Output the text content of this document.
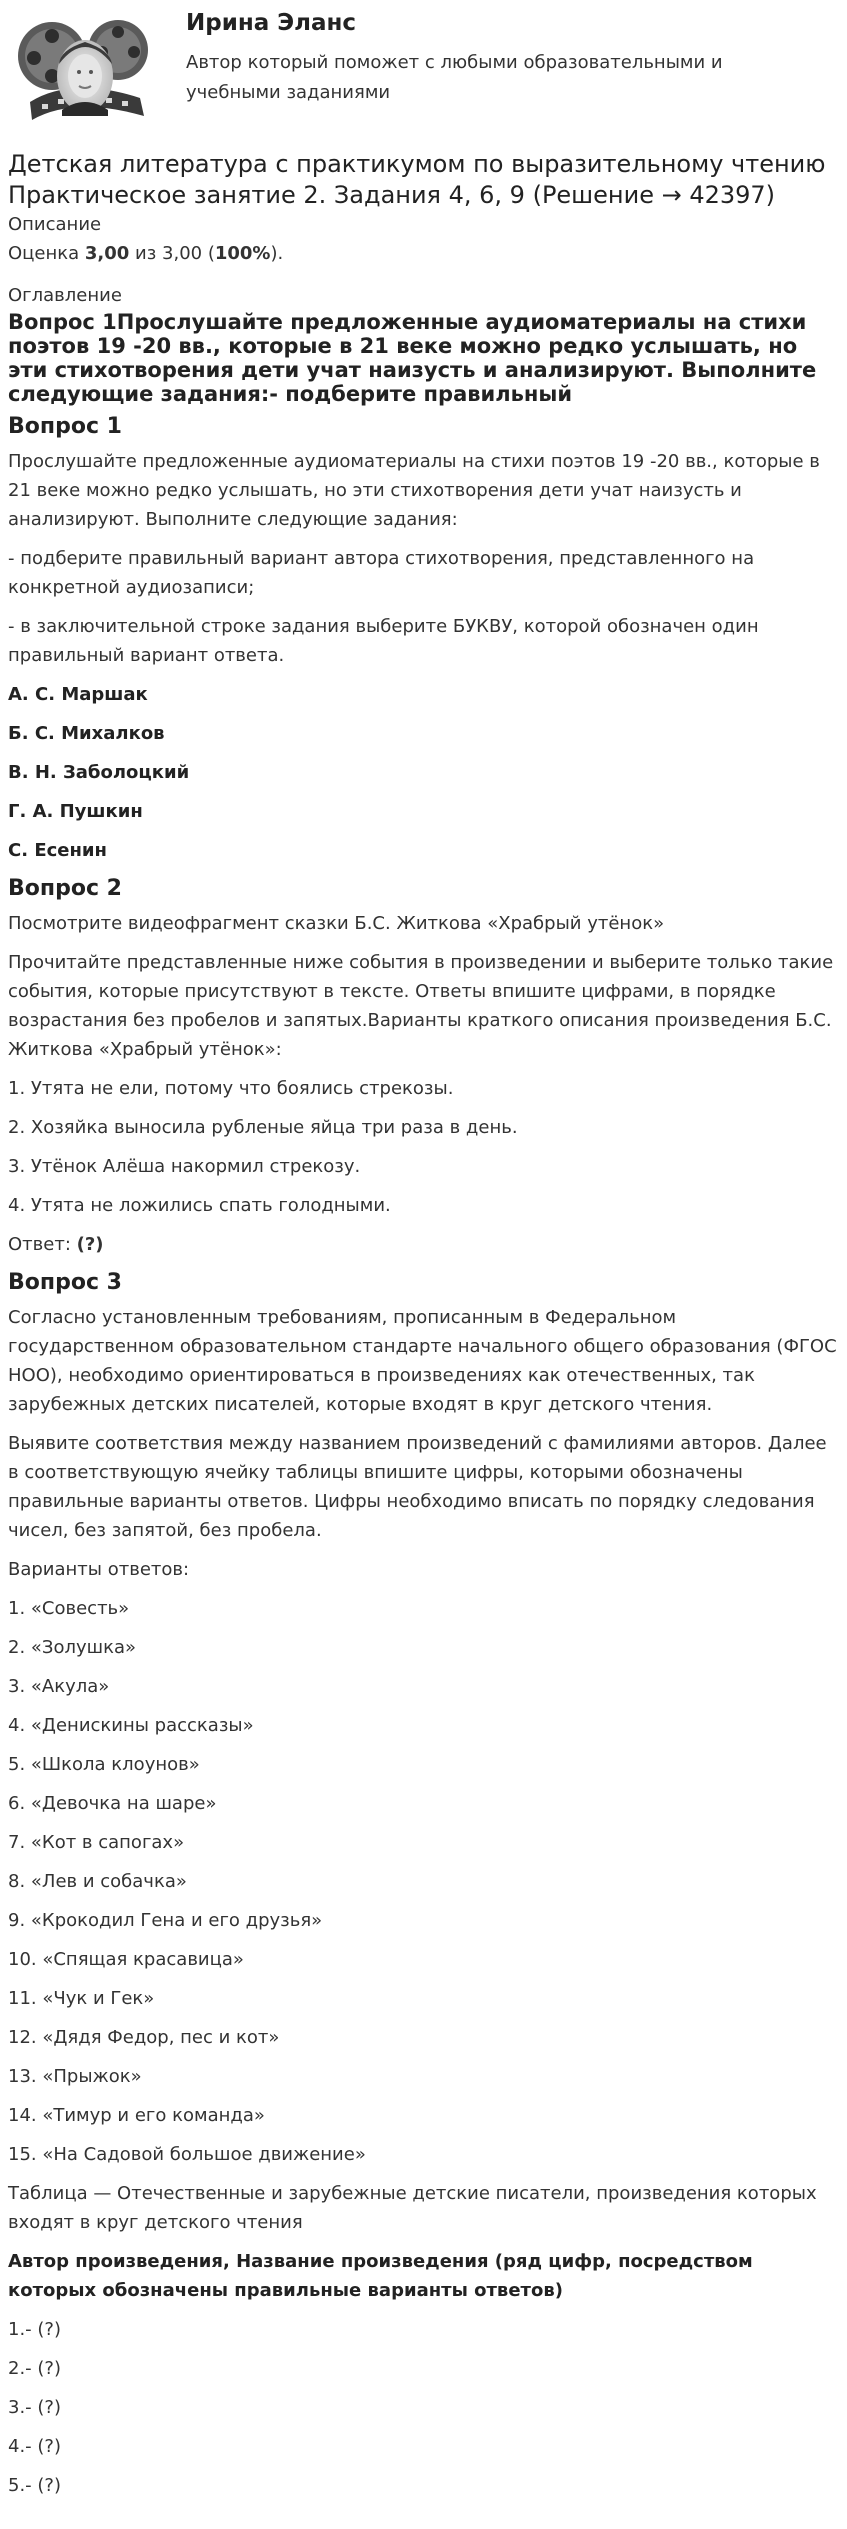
Ирина Эланс
Автор который поможет с любыми образовательными и учебными заданиями
Детская литература с практикумом по выразительному чтению
Практическое занятие 2. Задания 4, 6, 9 (Решение → 42397)
Описание
Оценка 3,00 из 3,00 (100%).
Оглавление
Вопрос 1Прослушайте предложенные аудиоматериалы на стихи поэтов 19 -20 вв., которые в 21 веке можно редко услышать, но эти стихотворения дети учат наизусть и анализируют. Выполните следующие задания:- подберите правильный
Вопрос 1
Прослушайте предложенные аудиоматериалы на стихи поэтов 19 -20 вв., которые в 21 веке можно редко услышать, но эти стихотворения дети учат наизусть и анализируют. Выполните следующие задания:
- подберите правильный вариант автора стихотворения, представленного на конкретной аудиозаписи;
- в заключительной строке задания выберите БУКВУ, которой обозначен один правильный вариант ответа.
А. С. Маршак
Б. С. Михалков
В. Н. Заболоцкий
Г. А. Пушкин
С. Есенин
Вопрос 2
Посмотрите видеофрагмент сказки Б.С. Житкова «Храбрый утёнок»
Прочитайте представленные ниже события в произведении и выберите только такие события, которые присутствуют в тексте. Ответы впишите цифрами, в порядке возрастания без пробелов и запятых.Варианты краткого описания произведения Б.С. Житкова «Храбрый утёнок»:
1. Утята не ели, потому что боялись стрекозы.
2. Хозяйка выносила рубленые яйца три раза в день.
3. Утёнок Алёша накормил стрекозу.
4. Утята не ложились спать голодными.
Ответ: (?)
Вопрос 3
Согласно установленным требованиям, прописанным в Федеральном государственном образовательном стандарте начального общего образования (ФГОС НОО), необходимо ориентироваться в произведениях как отечественных, так зарубежных детских писателей, которые входят в круг детского чтения.
Выявите соответствия между названием произведений с фамилиями авторов. Далее в соответствующую ячейку таблицы впишите цифры, которыми обозначены правильные варианты ответов. Цифры необходимо вписать по порядку следования чисел, без запятой, без пробела.
Варианты ответов:
1. «Совесть»
2. «Золушка»
3. «Акула»
4. «Денискины рассказы»
5. «Школа клоунов»
6. «Девочка на шаре»
7. «Кот в сапогах»
8. «Лев и собачка»
9. «Крокодил Гена и его друзья»
10. «Спящая красавица»
11. «Чук и Гек»
12. «Дядя Федор, пес и кот»
13. «Прыжок»
14. «Тимур и его команда»
15. «На Садовой большое движение»
Таблица — Отечественные и зарубежные детские писатели, произведения которых входят в круг детского чтения
Автор произведения, Название произведения (ряд цифр, посредством которых обозначены правильные варианты ответов)
1.- (?)
2.- (?)
3.- (?)
4.- (?)
5.- (?)
